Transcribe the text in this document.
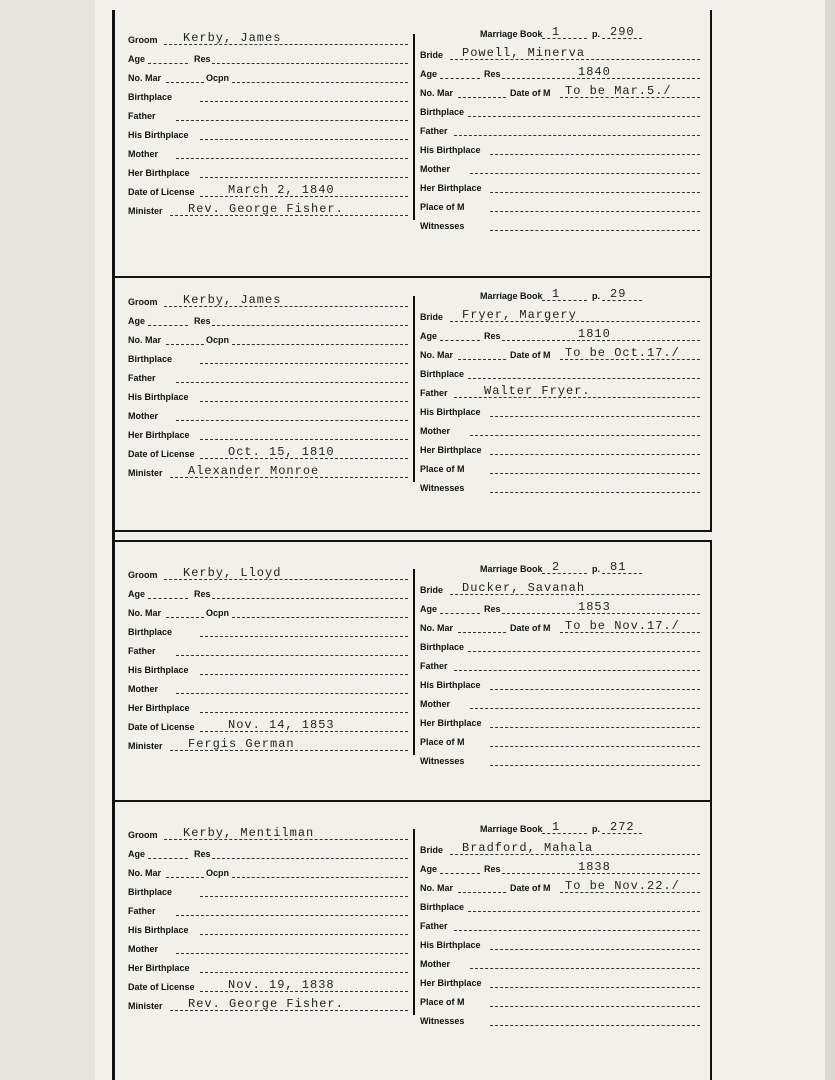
Groom Kerby, James
Age	Res
No. Mar	Ocpn
Birthplace
Father
His Birthplace
Mother
Her Birthplace
Date of License	March 2, 1840
Minister Rev. George Fisher.
Marriage Book 1	p. 290
Bride Powell, Minerva
Age	Res	1840
No. Mar	Date of M To be Mar.5./
Birthplace
Father
His Birthplace
Mother
Her Birthplace
Place of M
Witnesses
Groom Kerby, James
Age	Res
No. Mar	Ocpn
Birthplace
Father
His Birthplace
Mother
Her Birthplace
Date of License	Oct. 15, 1810
Minister Alexander Monroe
Marriage Book 1	p. 29
Bride Fryer, Margery
Age	Res	1810
No. Mar	Date of M To be Oct.17./
Birthplace
Father	Walter Fryer.
His Birthplace
Mother
Her Birthplace
Place of M
Witnesses
Groom Kerby, Lloyd
Age	Res
No. Mar	Ocpn
Birthplace
Father
His Birthplace
Mother
Her Birthplace
Date of License	Nov. 14, 1853
Minister Fergis German
Marriage Book 2	p. 81
Bride Ducker, Savanah
Age	Res	1853
No. Mar	Date of M To be Nov.17./
Birthplace
Father
His Birthplace
Mother
Her Birthplace
Place of M
Witnesses
Groom Kerby, Mentilman
Age	Res
No. Mar	Ocpn
Birthplace
Father
His Birthplace
Mother
Her Birthplace
Date of License	Nov. 19, 1838
Minister Rev. George Fisher.
Marriage Book 1	p. 272
Bride Bradford, Mahala
Age	Res	1838
No. Mar	Date of M To be Nov.22./
Birthplace
Father
His Birthplace
Mother
Her Birthplace
Place of M
Witnesses
